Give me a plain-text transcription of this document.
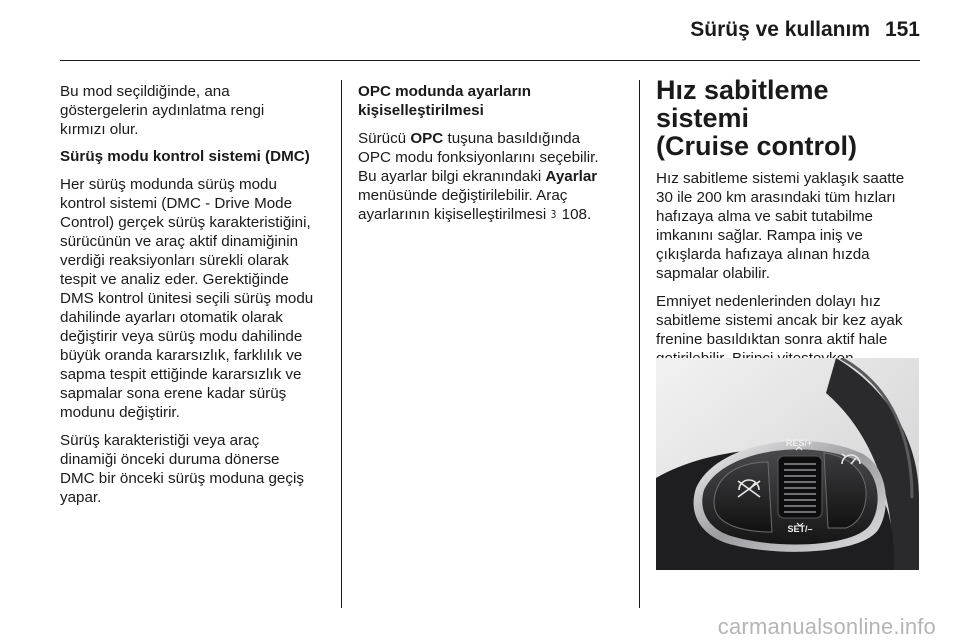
Sürüş ve kullanım 151

Bu mod seçildiğinde, ana
göstergelerin aydınlatma rengi
kırmızı olur.

Sürüş modu kontrol sistemi (DMC)

Her sürüş modunda sürüş modu
kontrol sistemi (DMC - Drive Mode
Control) gerçek sürüş karakteristiğini,
sürücünün ve araç aktif dinamiğinin
verdiği reaksiyonları sürekli olarak
tespit ve analiz eder. Gerektiğinde
DMS kontrol ünitesi seçili sürüş modu
dahilinde ayarları otomatik olarak
değiştirir veya sürüş modu dahilinde
büyük oranda kararsızlık, farklılık ve
sapma tespit ettiğinde kararsızlık ve
sapmalar sona erene kadar sürüş
modunu değiştirir.

Sürüş karakteristiği veya araç
dinamiği önceki duruma dönerse
DMC bir önceki sürüş moduna geçiş
yapar.

OPC modunda ayarların
kişiselleştirilmesi

Sürücü OPC tuşuna basıldığında
OPC modu fonksiyonlarını seçebilir.
Bu ayarlar bilgi ekranındaki Ayarlar
menüsünde değiştirilebilir. Araç
ayarlarının kişiselleştirilmesi 3 108.

Hız sabitleme sistemi
(Cruise control)

Hız sabitleme sistemi yaklaşık saatte
30 ile 200 km arasındaki tüm hızları
hafızaya alma ve sabit tutabilme
imkanını sağlar. Rampa iniş ve
çıkışlarda hafızaya alınan hızda
sapmalar olabilir.

Emniyet nedenlerinden dolayı hız
sabitleme sistemi ancak bir kez ayak
frenine basıldıktan sonra aktif hale

RES/+
SET/–
carmanualsonline.info
